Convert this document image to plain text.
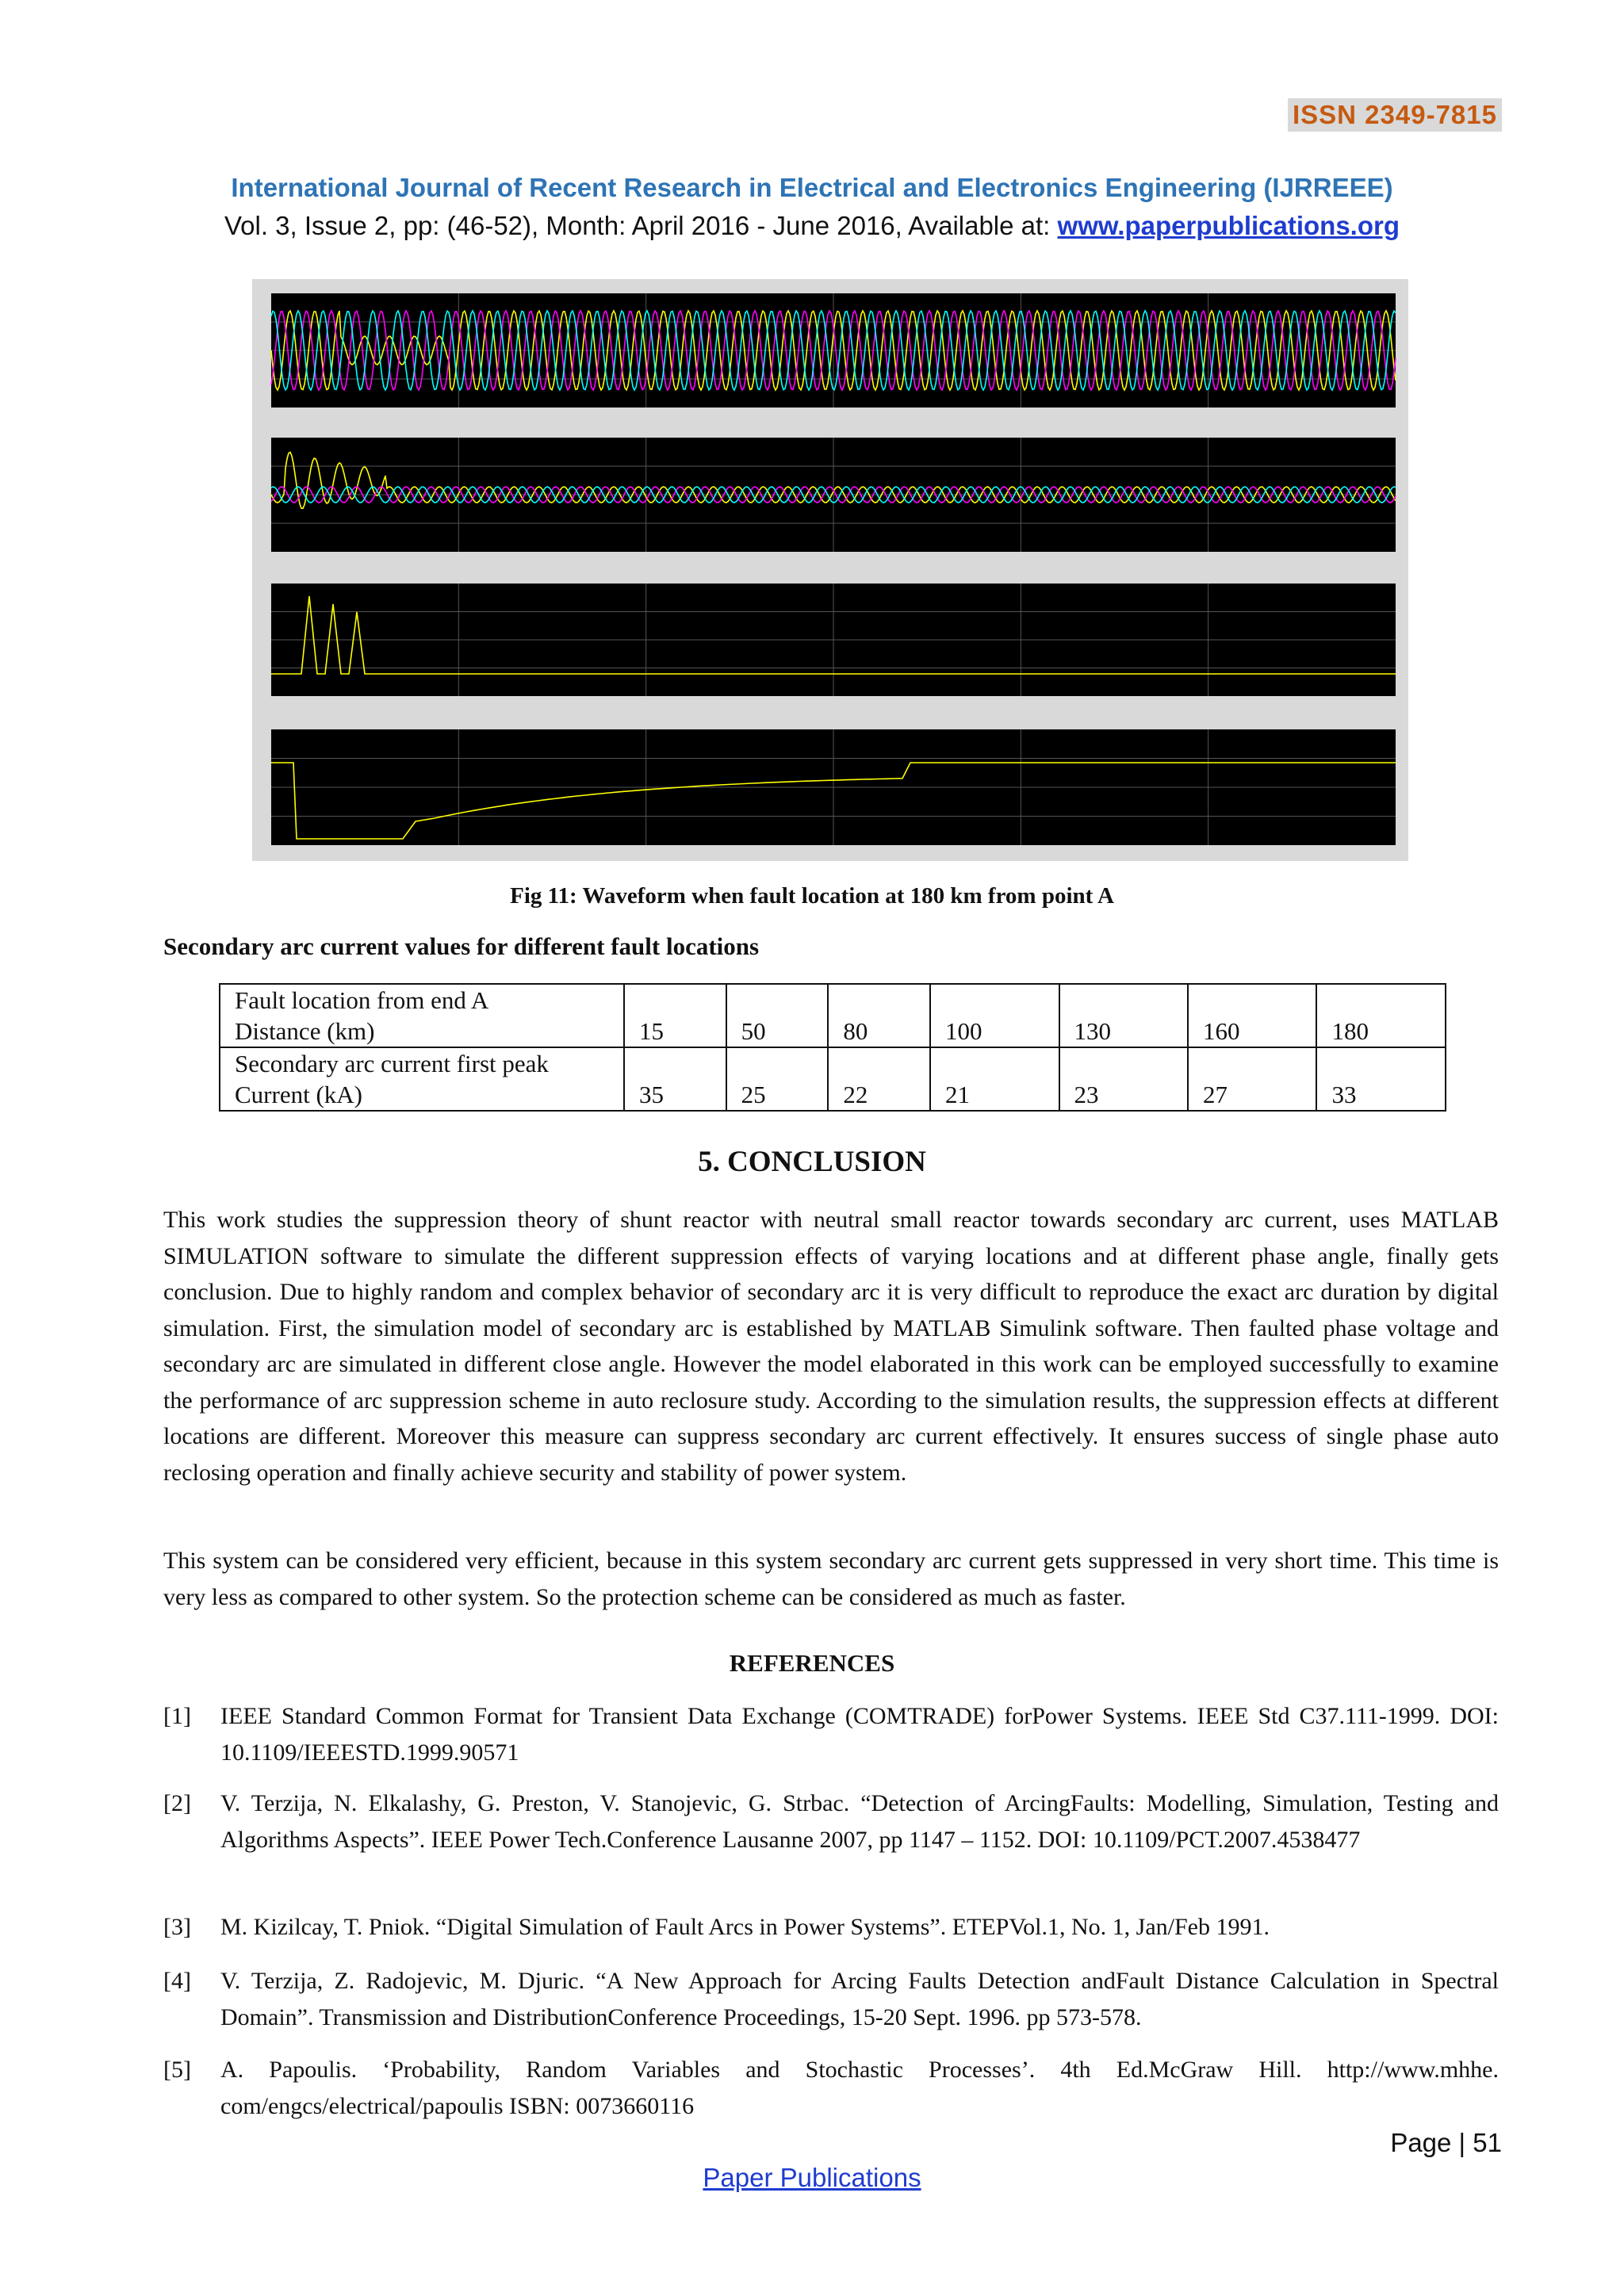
ISSN 2349-7815
International Journal of Recent Research in Electrical and Electronics Engineering (IJRREEE)
Vol. 3, Issue 2, pp: (46-52), Month: April 2016 - June 2016, Available at: www.paperpublications.org
Fig 11: Waveform when fault location at 180 km from point A
Secondary arc current values for different fault locations
Fault location from end A
Distance (km)	15	50	80	100	130	160	180
Secondary arc current first peak
Current (kA)	35	25	22	21	23	27	33
5. CONCLUSION
This work studies the suppression theory of shunt reactor with neutral small reactor towards secondary arc current, uses MATLAB SIMULATION software to simulate the different suppression effects of varying locations and at different phase angle, finally gets conclusion. Due to highly random and complex behavior of secondary arc it is very difficult to reproduce the exact arc duration by digital simulation. First, the simulation model of secondary arc is established by MATLAB Simulink software. Then faulted phase voltage and secondary arc are simulated in different close angle. However the model elaborated in this work can be employed successfully to examine the performance of arc suppression scheme in auto reclosure study. According to the simulation results, the suppression effects at different locations are different. Moreover this measure can suppress secondary arc current effectively. It ensures success of single phase auto reclosing operation and finally achieve security and stability of power system.
This system can be considered very efficient, because in this system secondary arc current gets suppressed in very short time. This time is very less as compared to other system. So the protection scheme can be considered as much as faster.
REFERENCES
[1] IEEE Standard Common Format for Transient Data Exchange (COMTRADE) forPower Systems. IEEE Std C37.111-1999. DOI: 10.1109/IEEESTD.1999.90571
[2] V. Terzija, N. Elkalashy, G. Preston, V. Stanojevic, G. Strbac. “Detection of ArcingFaults: Modelling, Simulation, Testing and Algorithms Aspects”. IEEE Power Tech.Conference Lausanne 2007, pp 1147 – 1152. DOI: 10.1109/PCT.2007.4538477
[3] M. Kizilcay, T. Pniok. “Digital Simulation of Fault Arcs in Power Systems”. ETEPVol.1, No. 1, Jan/Feb 1991.
[4] V. Terzija, Z. Radojevic, M. Djuric. “A New Approach for Arcing Faults Detection andFault Distance Calculation in Spectral Domain”. Transmission and DistributionConference Proceedings, 15-20 Sept. 1996. pp 573-578.
[5] A. Papoulis. ‘Probability, Random Variables and Stochastic Processes’. 4th Ed.McGraw Hill. http://www.mhhe. com/engcs/electrical/papoulis ISBN: 0073660116
Page | 51
Paper Publications
